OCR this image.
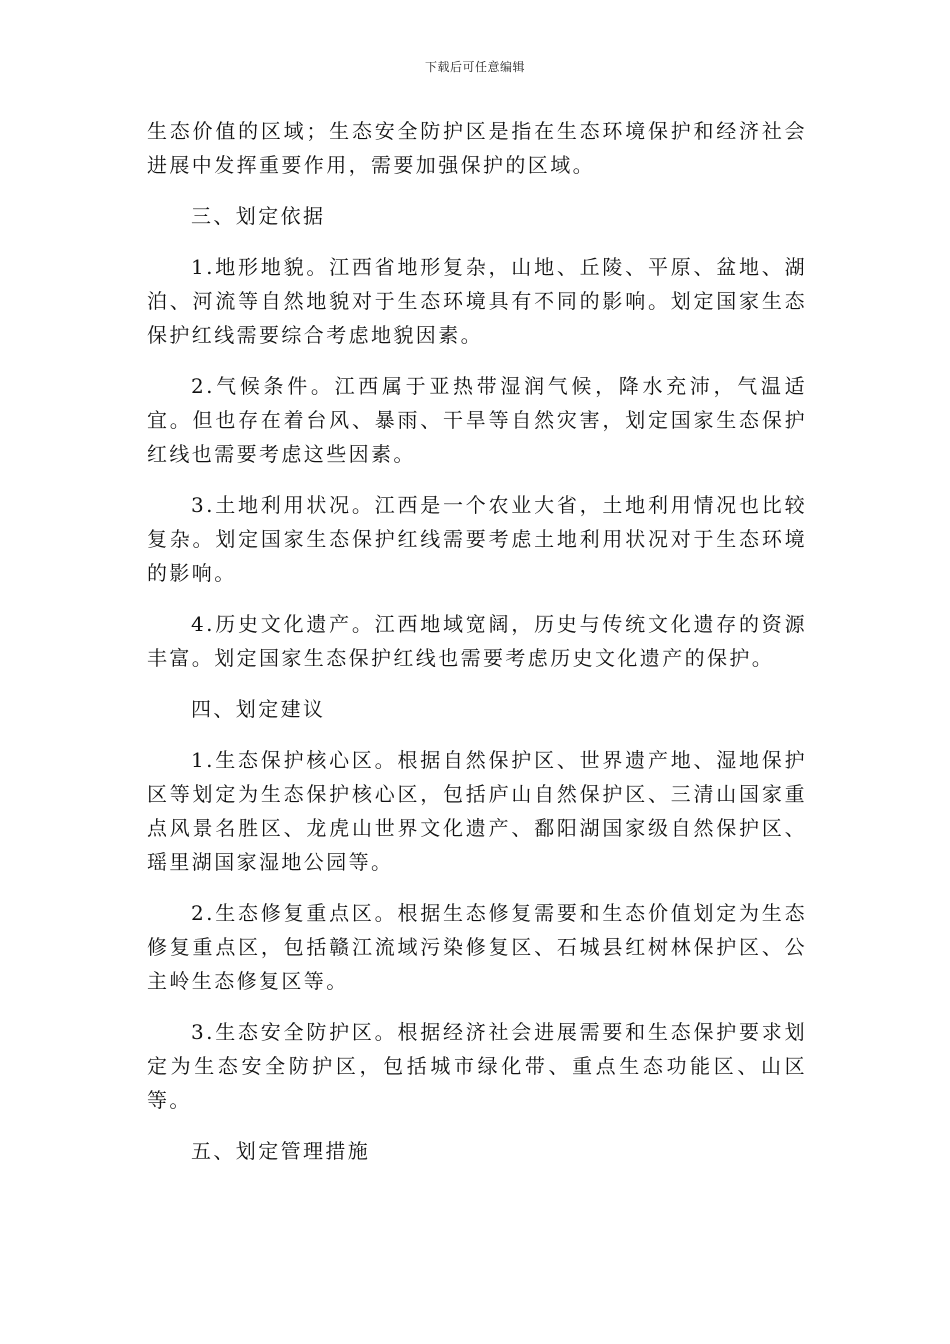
下载后可任意编辑

生态价值的区域；生态安全防护区是指在生态环境保护和经济社会进展中发挥重要作用，需要加强保护的区域。

三、划定依据

1.地形地貌。江西省地形复杂，山地、丘陵、平原、盆地、湖泊、河流等自然地貌对于生态环境具有不同的影响。划定国家生态保护红线需要综合考虑地貌因素。

2.气候条件。江西属于亚热带湿润气候，降水充沛，气温适宜。但也存在着台风、暴雨、干旱等自然灾害，划定国家生态保护红线也需要考虑这些因素。

3.土地利用状况。江西是一个农业大省，土地利用情况也比较复杂。划定国家生态保护红线需要考虑土地利用状况对于生态环境的影响。

4.历史文化遗产。江西地域宽阔，历史与传统文化遗存的资源丰富。划定国家生态保护红线也需要考虑历史文化遗产的保护。

四、划定建议

1.生态保护核心区。根据自然保护区、世界遗产地、湿地保护区等划定为生态保护核心区，包括庐山自然保护区、三清山国家重点风景名胜区、龙虎山世界文化遗产、鄱阳湖国家级自然保护区、瑶里湖国家湿地公园等。

2.生态修复重点区。根据生态修复需要和生态价值划定为生态修复重点区，包括赣江流域污染修复区、石城县红树林保护区、公主岭生态修复区等。

3.生态安全防护区。根据经济社会进展需要和生态保护要求划定为生态安全防护区，包括城市绿化带、重点生态功能区、山区等。

五、划定管理措施
